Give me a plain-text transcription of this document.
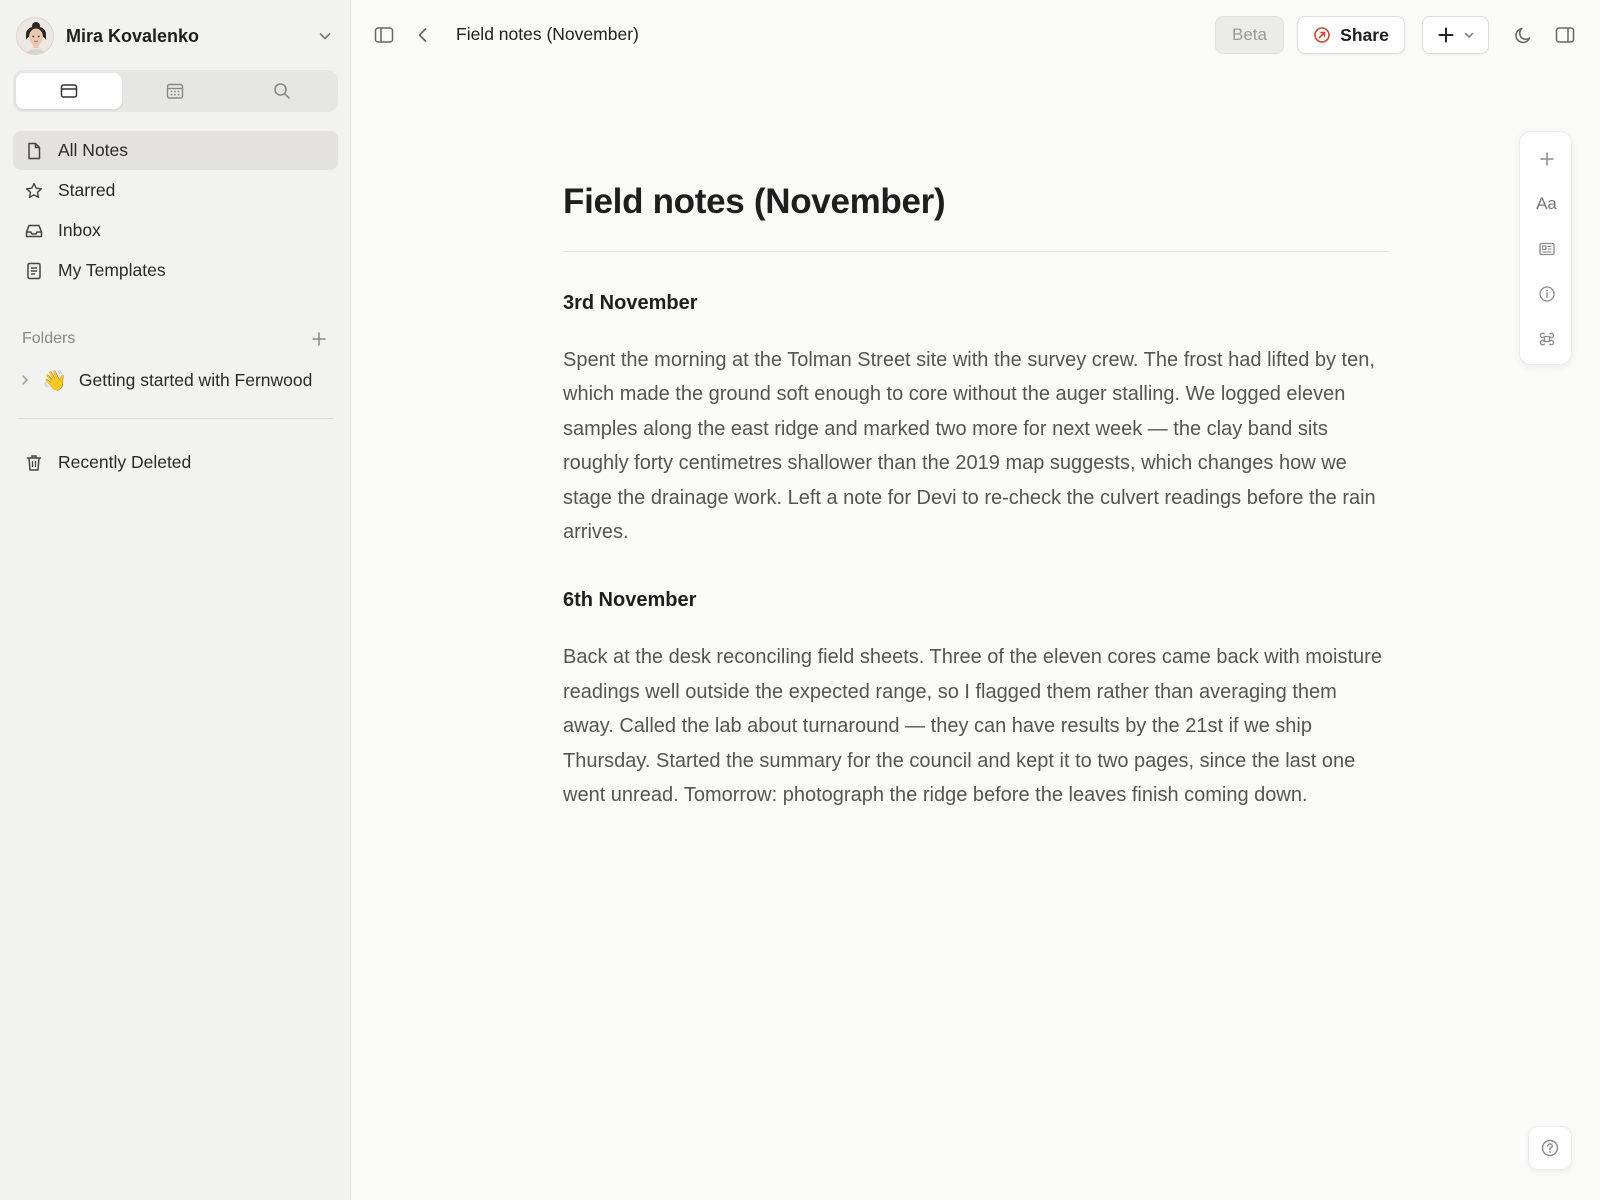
Mira Kovalenko
All Notes
Starred
Inbox
My Templates
Folders
👋 Getting started with Fernwood
Recently Deleted
Field notes (November)	Beta	Share
Field notes (November)
3rd November

Spent the morning at the Tolman Street site with the survey crew. The frost had lifted by ten, which made the ground soft enough to core without the auger stalling. We logged eleven samples along the east ridge and marked two more for next week — the clay band sits roughly forty centimetres shallower than the 2019 map suggests, which changes how we stage the drainage work. Left a note for Devi to re-check the culvert readings before the rain arrives.

6th November

Back at the desk reconciling field sheets. Three of the eleven cores came back with moisture readings well outside the expected range, so I flagged them rather than averaging them away. Called the lab about turnaround — they can have results by the 21st if we ship Thursday. Started the summary for the council and kept it to two pages, since the last one went unread. Tomorrow: photograph the ridge before the leaves finish coming down.

Aa
